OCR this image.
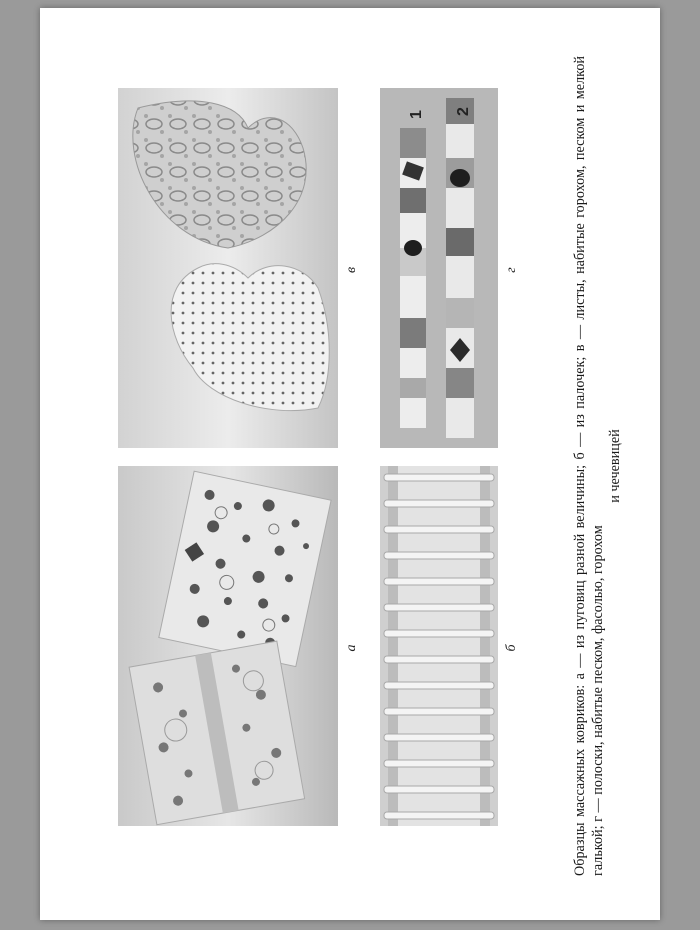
1 2
а
в
б
г
Образцы массажных ковриков: а — из пуговиц разной величины; б — из палочек; в — листы, набитые горохом, песком и мелкой галькой; г — полоски, набитые песком, фасолью, горохом
и чечевицей
